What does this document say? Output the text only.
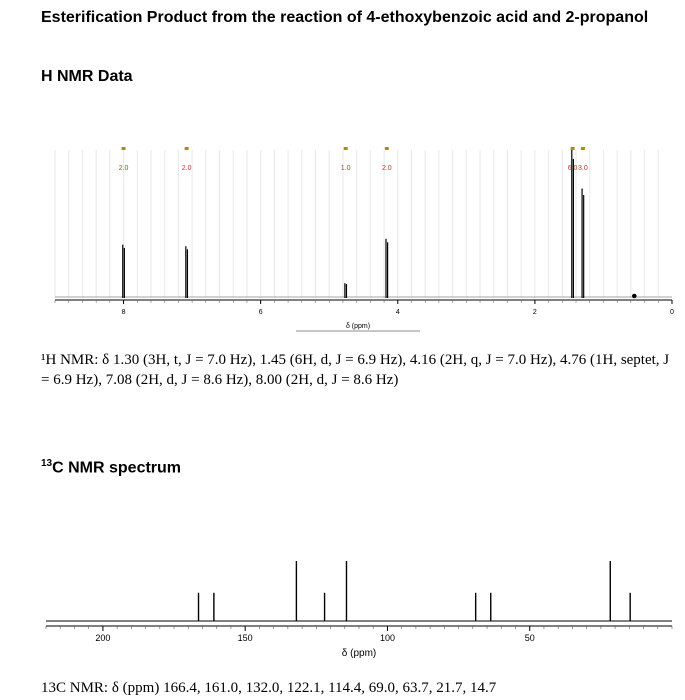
Esterification Product from the reaction of 4-ethoxybenzoic acid and 2-propanol
H NMR Data
8	6	4	2	0
δ (ppm)
2.0	2.0	1.0	2.0	6.0 3.0
¹H NMR: δ 1.30 (3H, t, J = 7.0 Hz), 1.45 (6H, d, J = 6.9 Hz), 4.16 (2H, q, J = 7.0 Hz), 4.76 (1H, septet, J = 6.9 Hz), 7.08 (2H, d, J = 8.6 Hz), 8.00 (2H, d, J = 8.6 Hz)
$^{13}$C NMR spectrum
200	150	100	50
δ (ppm)
13C NMR: δ (ppm) 166.4, 161.0, 132.0, 122.1, 114.4, 69.0, 63.7, 21.7, 14.7
